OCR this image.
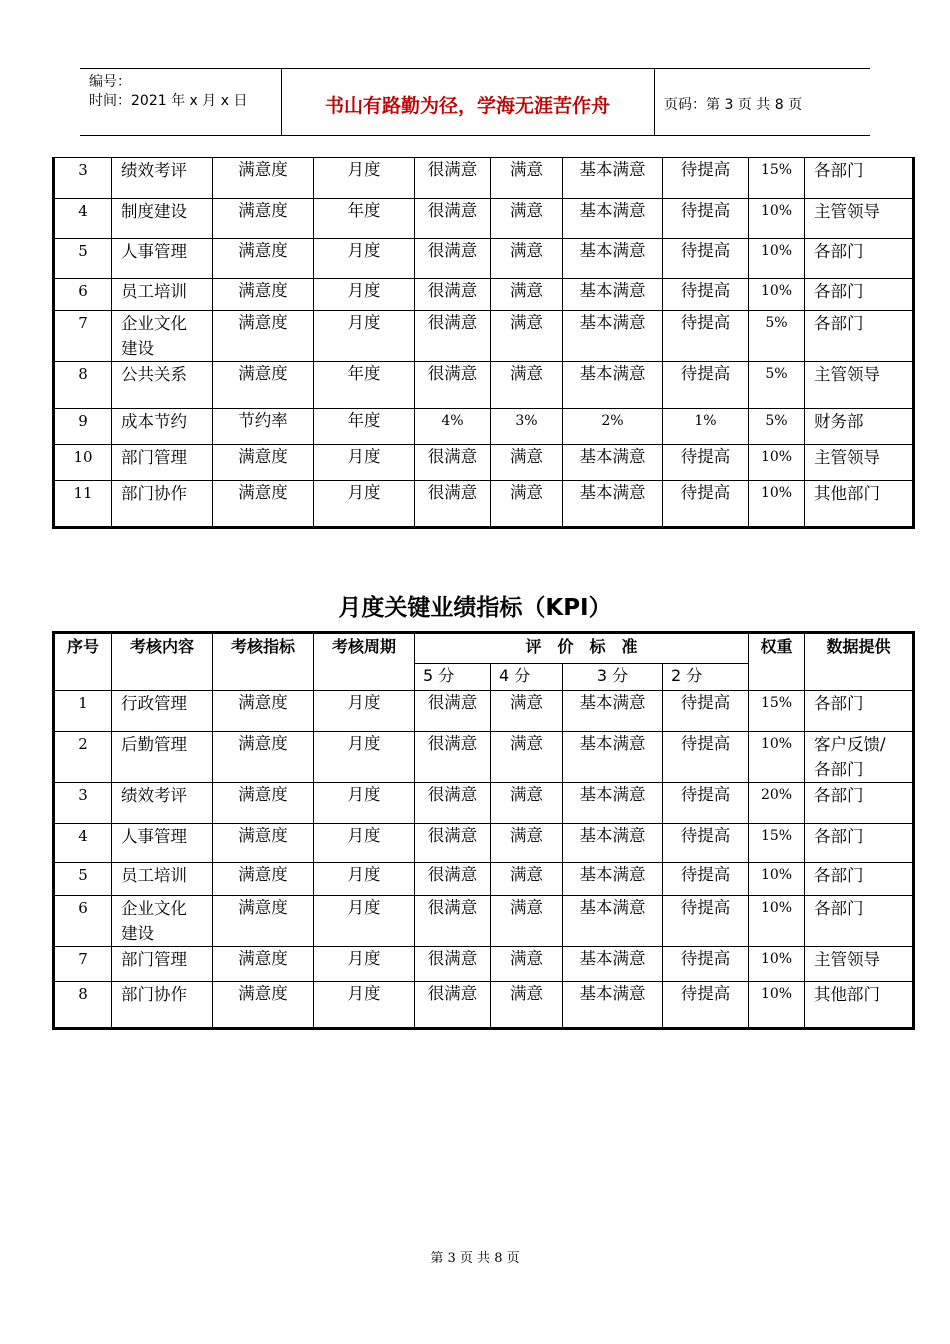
编号：
时间：2021 年 x 月 x 日	书山有路勤为径，学海无涯苦作舟	页码：第 3 页 共 8 页
3	绩效考评	满意度	月度	很满意	满意	基本满意	待提高	15%	各部门
4	制度建设	满意度	年度	很满意	满意	基本满意	待提高	10%	主管领导
5	人事管理	满意度	月度	很满意	满意	基本满意	待提高	10%	各部门
6	员工培训	满意度	月度	很满意	满意	基本满意	待提高	10%	各部门
7	企业文化
建设	满意度	月度	很满意	满意	基本满意	待提高	5%	各部门
8	公共关系	满意度	年度	很满意	满意	基本满意	待提高	5%	主管领导
9	成本节约	节约率	年度	4%	3%	2%	1%	5%	财务部
10	部门管理	满意度	月度	很满意	满意	基本满意	待提高	10%	主管领导
11	部门协作	满意度	月度	很满意	满意	基本满意	待提高	10%	其他部门
月度关键业绩指标（KPI）
序号	考核内容	考核指标	考核周期	评　价　标　准				权重	数据提供
				5 分	4 分	3 分	2 分		
1	行政管理	满意度	月度	很满意	满意	基本满意	待提高	15%	各部门
2	后勤管理	满意度	月度	很满意	满意	基本满意	待提高	10%	客户反馈/
各部门
3	绩效考评	满意度	月度	很满意	满意	基本满意	待提高	20%	各部门
4	人事管理	满意度	月度	很满意	满意	基本满意	待提高	15%	各部门
5	员工培训	满意度	月度	很满意	满意	基本满意	待提高	10%	各部门
6	企业文化
建设	满意度	月度	很满意	满意	基本满意	待提高	10%	各部门
7	部门管理	满意度	月度	很满意	满意	基本满意	待提高	10%	主管领导
8	部门协作	满意度	月度	很满意	满意	基本满意	待提高	10%	其他部门
第 3 页 共 8 页
